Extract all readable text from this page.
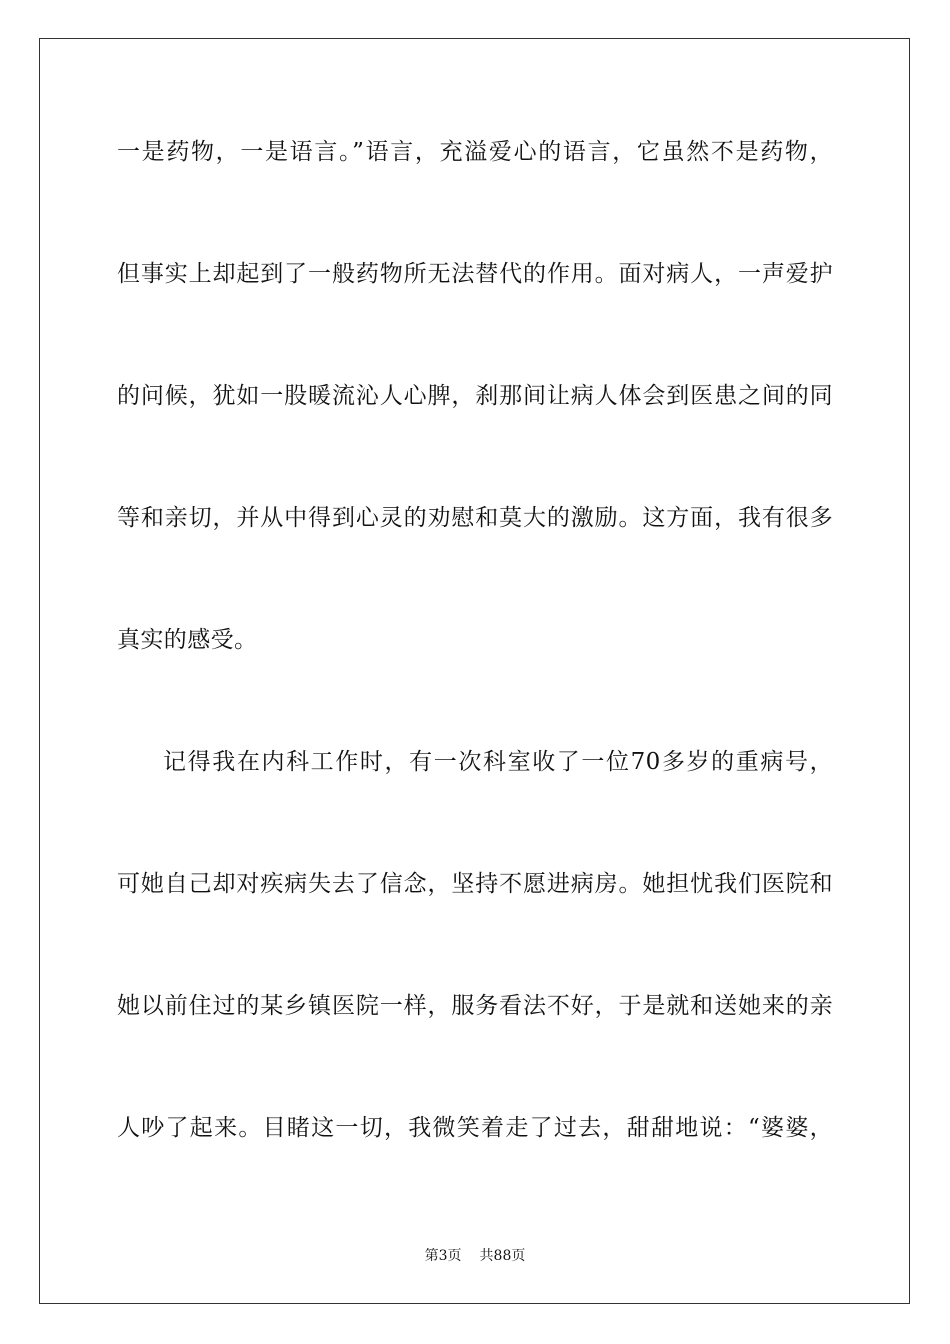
一是药物，一是语言。”语言，充溢爱心的语言，它虽然不是药物，
但事实上却起到了一般药物所无法替代的作用。面对病人，一声爱护
的问候，犹如一股暖流沁人心脾，刹那间让病人体会到医患之间的同
等和亲切，并从中得到心灵的劝慰和莫大的激励。这方面，我有很多
真实的感受。
记得我在内科工作时，有一次科室收了一位70多岁的重病号，
可她自己却对疾病失去了信念，坚持不愿进病房。她担忧我们医院和
她以前住过的某乡镇医院一样，服务看法不好，于是就和送她来的亲
人吵了起来。目睹这一切，我微笑着走了过去，甜甜地说：“婆婆，
第3页 共88页
